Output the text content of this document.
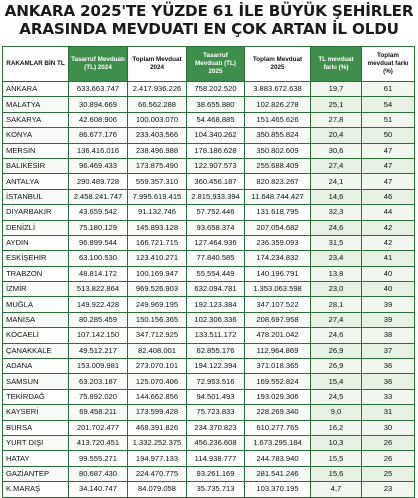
ANKARA 2025'TE YÜZDE 61 İLE BÜYÜK ŞEHİRLER
ARASINDA MEVDUATI EN ÇOK ARTAN İL OLDU
RAKAMLAR BİN TL	Tasarruf Mevduatı (TL) 2024	Toplam Mevduat 2024	Tasarruf Mevduatı (TL) 2025	Toplam Mevduat 2025	TL mevduat farkı (%)	Toplam mevduat farkı (%)
ANKARA	633.663.747	2.417.936.226	758.202.520	3.883.672.638	19,7	61
MALATYA	30.894.669	66.562.288	38.655.880	102.826.278	25,1	54
SAKARYA	42.608.906	100.003.070	54.468.885	151.465.626	27,8	51
KONYA	86.677.176	233.403.566	104.340.262	350.855.824	20,4	50
MERSİN	136.416.016	238.496.988	178.186.628	350.802.609	30,6	47
BALIKESİR	96.469.433	173.875.490	122.907.573	255.688.409	27,4	47
ANTALYA	290.489.728	559.357.310	360.456.187	820.823.267	24,1	47
İSTANBUL	2.458.241.747	7.995.619.415	2.815.933.394	11.648.744.427	14,6	46
DİYARBAKIR	43.659.542	91.132.746	57.752.446	131.618.795	32,3	44
DENİZLİ	75.180.129	145.893.128	93.658.374	207.054.682	24,6	42
AYDIN	96.899.544	166.721.715	127.464.936	236.359.093	31,5	42
ESKİŞEHİR	63.100.530	123.410.271	77.840.585	174.234.832	23,4	41
TRABZON	48.814.172	100.169.947	55.554.449	140.196.791	13,8	40
İZMİR	513.822.864	969.526.903	632.094.781	1.353.063.598	23,0	40
MUĞLA	149.922.428	249.969.195	192.123.384	347.107.522	28,1	39
MANİSA	80.285.459	150.156.365	102.306.336	208.697.958	27,4	39
KOCAELİ	107.142.150	347.712.925	133.511.172	478.201.042	24,6	38
ÇANAKKALE	49.512.217	82.408.001	62.855.176	112.964.869	26,9	37
ADANA	153.009.981	273.070.101	194.122.394	371.018.365	26,9	36
SAMSUN	63.203.187	125.070.406	72.953.516	169.552.824	15,4	36
TEKİRDAĞ	75.892.020	144.662.856	94.501.493	193.029.306	24,5	33
KAYSERİ	69.458.211	173.599.428	75.723.833	228.269.340	9,0	31
BURSA	201.702.477	468.391.826	234.370.823	610.277.765	16,2	30
YURT DIŞI	413.720.451	1.332.252.375	456.236.608	1.673.295.184	10,3	26
HATAY	99.555.271	194.977.133	114.938.777	244.783.940	15,5	26
GAZİANTEP	80.687.430	224.470.775	93.261.169	281.541.246	15,6	25
K.MARAŞ	34.140.747	84.079.058	35.735.713	103.370.195	4,7	23
